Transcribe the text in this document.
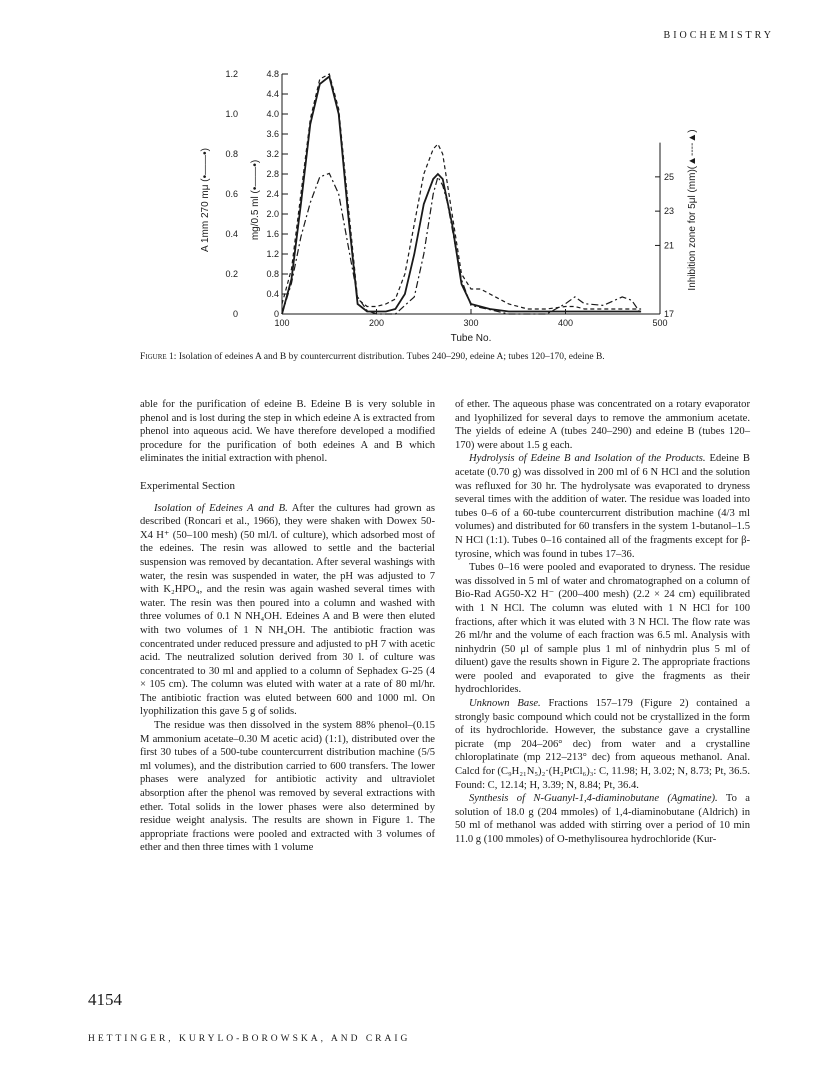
BIOCHEMISTRY
0
0.2
0.4
0.6
0.8
1.0
1.2
0
0.4
0.8
1.2
1.6
2.0
2.4
2.8
3.2
3.6
4.0
4.4
4.8
100	200	300	400	500
17
21
23
25
Tube No.
A 1mm 270 mμ (•——•)	mg/0.5 ml (•——•)	Inhibition zone for 5μl (mm)(▲----▲)
Figure 1: Isolation of edeines A and B by countercurrent distribution. Tubes 240–290, edeine A; tubes 120–170, edeine B.

able for the purification of edeine B. Edeine B is very soluble in phenol and is lost during the step in which edeine A is extracted from phenol into aqueous acid. We have therefore developed a modified procedure for the purification of both edeines A and B which eliminates the initial extraction with phenol.

Experimental Section

Isolation of Edeines A and B. After the cultures had grown as described (Roncari et al., 1966), they were shaken with Dowex 50-X4 H⁺ (50–100 mesh) (50 ml/l. of culture), which adsorbed most of the edeines. The resin was allowed to settle and the bacterial suspension was removed by decantation. After several washings with water, the resin was suspended in water, the pH was adjusted to 7 with K₂HPO₄, and the resin was again washed several times with water. The resin was then poured into a column and washed with three volumes of 0.1 N NH₄OH. Edeines A and B were then eluted with two volumes of 1 N NH₄OH. The antibiotic fraction was concentrated under reduced pressure and adjusted to pH 7 with acetic acid. The neutralized solution derived from 30 l. of culture was concentrated to 30 ml and applied to a column of Sephadex G-25 (4 × 105 cm). The column was eluted with water at a rate of 80 ml/hr. The antibiotic fraction was eluted between 600 and 1000 ml. On lyophilization this gave 5 g of solids.

The residue was then dissolved in the system 88% phenol–(0.15 M ammonium acetate–0.30 M acetic acid) (1:1), distributed over the first 30 tubes of a 500-tube countercurrent distribution machine (5/5 ml volumes), and the distribution carried to 600 transfers. The lower phases were analyzed for antibiotic activity and ultraviolet absorption after the phenol was removed by several extractions with ether. Total solids in the lower phases were also determined by residue weight analysis. The results are shown in Figure 1. The appropriate fractions were pooled and extracted with 3 volumes of ether and then three times with 1 volume

of ether. The aqueous phase was concentrated on a rotary evaporator and lyophilized for several days to remove the ammonium acetate. The yields of edeine A (tubes 240–290) and edeine B (tubes 120–170) were about 1.5 g each.

Hydrolysis of Edeine B and Isolation of the Products. Edeine B acetate (0.70 g) was dissolved in 200 ml of 6 N HCl and the solution was refluxed for 30 hr. The hydrolysate was evaporated to dryness several times with the addition of water. The residue was loaded into tubes 0–6 of a 60-tube countercurrent distribution machine (4/3 ml volumes) and distributed for 60 transfers in the system 1-butanol–1.5 N HCl (1:1). Tubes 0–16 contained all of the fragments except for β-tyrosine, which was found in tubes 17–36.

Tubes 0–16 were pooled and evaporated to dryness. The residue was dissolved in 5 ml of water and chromatographed on a column of Bio-Rad AG50-X2 H⁻ (200–400 mesh) (2.2 × 24 cm) equilibrated with 1 N HCl. The column was eluted with 1 N HCl for 100 fractions, after which it was eluted with 3 N HCl. The flow rate was 26 ml/hr and the volume of each fraction was 6.5 ml. Analysis with ninhydrin (50 μl of sample plus 1 ml of ninhydrin plus 5 ml of diluent) gave the results shown in Figure 2. The appropriate fractions were pooled and evaporated to give the fragments as their hydrochlorides.

Unknown Base. Fractions 157–179 (Figure 2) contained a strongly basic compound which could not be crystallized in the form of its hydrochloride. However, the substance gave a crystalline picrate (mp 204–206° dec) from water and a crystalline chloroplatinate (mp 212–213° dec) from aqueous methanol. Anal. Calcd for (C₉H₂₁N₅)₂·(H₂PtCl₆)₃: C, 11.98; H, 3.02; N, 8.73; Pt, 36.5. Found: C, 12.14; H, 3.39; N, 8.84; Pt, 36.4.

Synthesis of N-Guanyl-1,4-diaminobutane (Agmatine). To a solution of 18.0 g (204 mmoles) of 1,4-diaminobutane (Aldrich) in 50 ml of methanol was added with stirring over a period of 10 min 11.0 g (100 mmoles) of O-methylisourea hydrochloride (Kur-

4154
HETTINGER, KURYLO-BOROWSKA, AND CRAIG
